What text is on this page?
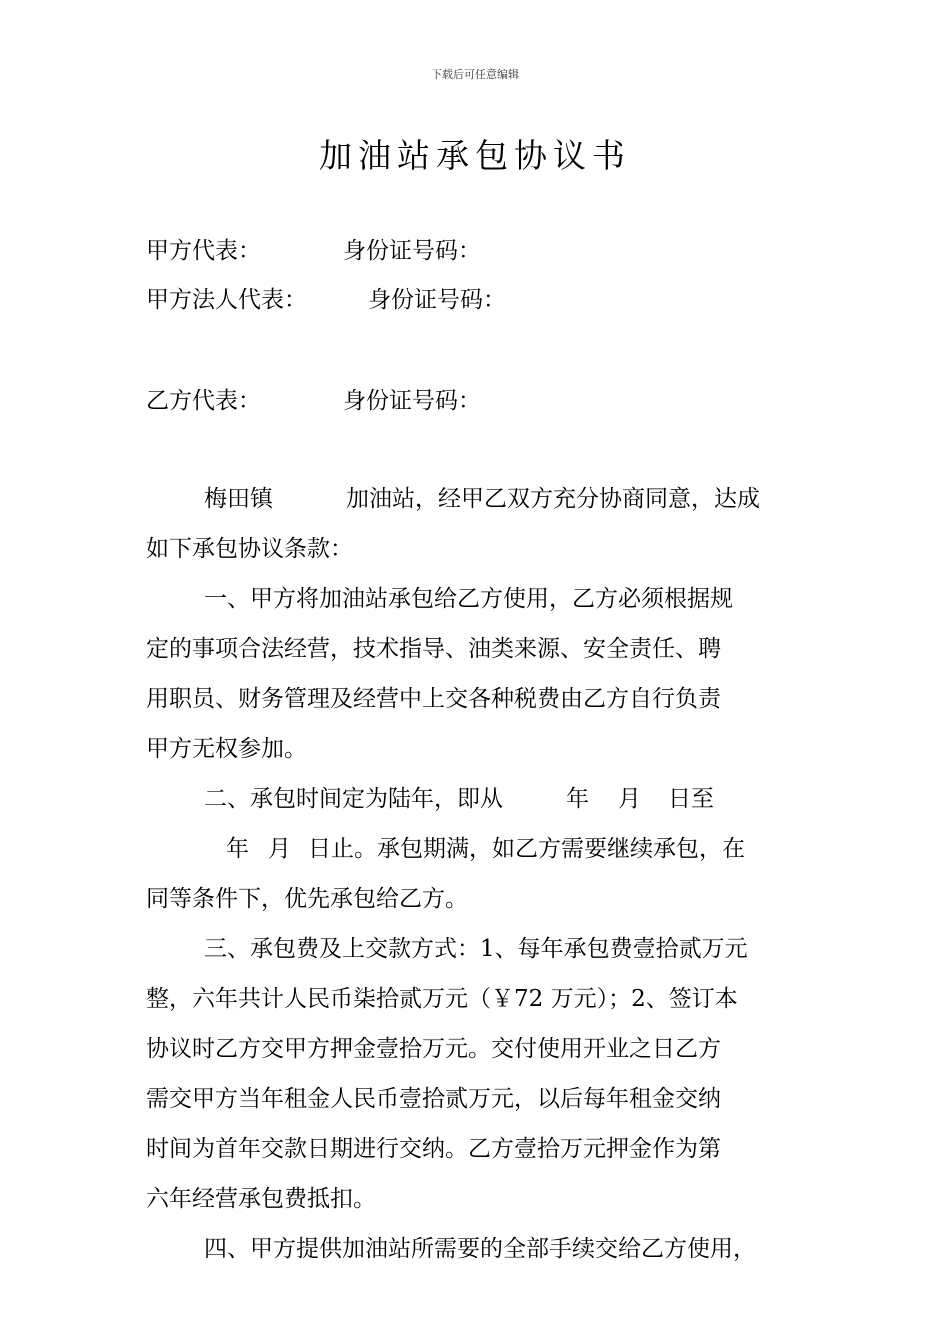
下载后可任意编辑
加油站承包协议书
甲方代表：	身份证号码：
甲方法人代表：	身份证号码：
乙方代表：	身份证号码：
梅田镇	加油站，经甲乙双方充分协商同意，达成
如下承包协议条款：
一、甲方将加油站承包给乙方使用，乙方必须根据规
定的事项合法经营，技术指导、油类来源、安全责任、聘
用职员、财务管理及经营中上交各种税费由乙方自行负责
甲方无权参加。
二、承包时间定为陆年，即从	年 月 日至
年 月 日止。承包期满，如乙方需要继续承包，在
同等条件下，优先承包给乙方。
三、承包费及上交款方式：1、每年承包费壹拾贰万元
整，六年共计人民币柒拾贰万元（￥72 万元）；2、签订本
协议时乙方交甲方押金壹拾万元。交付使用开业之日乙方
需交甲方当年租金人民币壹拾贰万元，以后每年租金交纳
时间为首年交款日期进行交纳。乙方壹拾万元押金作为第
六年经营承包费抵扣。
四、甲方提供加油站所需要的全部手续交给乙方使用，
